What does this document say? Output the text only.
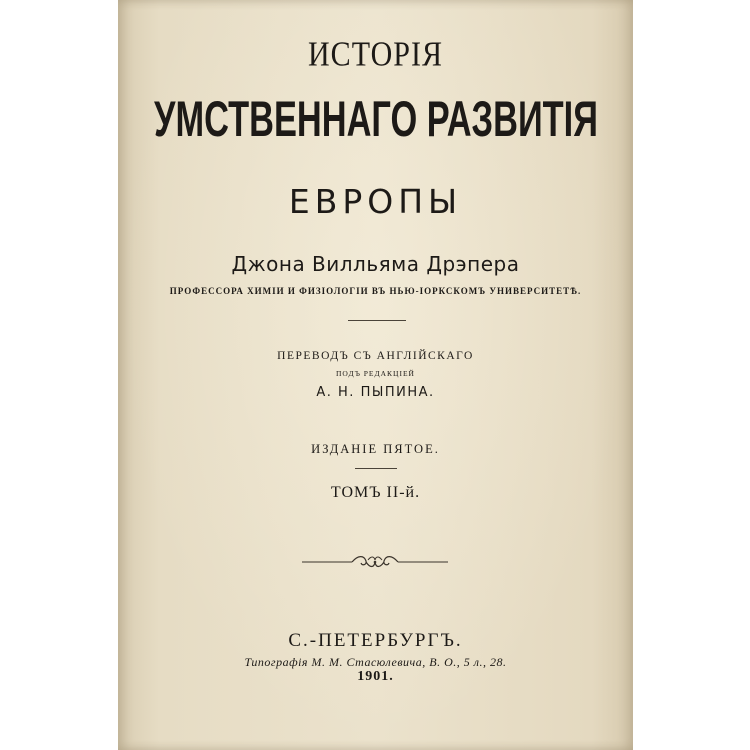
ИСТОРІЯ
УМСТВЕННАГО РАЗВИТІЯ
ЕВРОПЫ
Джона Вилльяма Дрэпера
ПРОФЕССОРА ХИМІИ И ФИЗІОЛОГІИ ВЪ НЬЮ-ІОРКСКОМЪ УНИВЕРСИТЕТѢ.
ПЕРЕВОДЪ СЪ АНГЛІЙСКАГО
ПОДЪ РЕДАКЦІЕЙ
А. Н. ПЫПИНА.
ИЗДАНІЕ ПЯТОЕ.
ТОМЪ II-й.
С.-ПЕТЕРБУРГЪ.
Типографія М. М. Стасюлевича, В. О., 5 л., 28.
1901.
